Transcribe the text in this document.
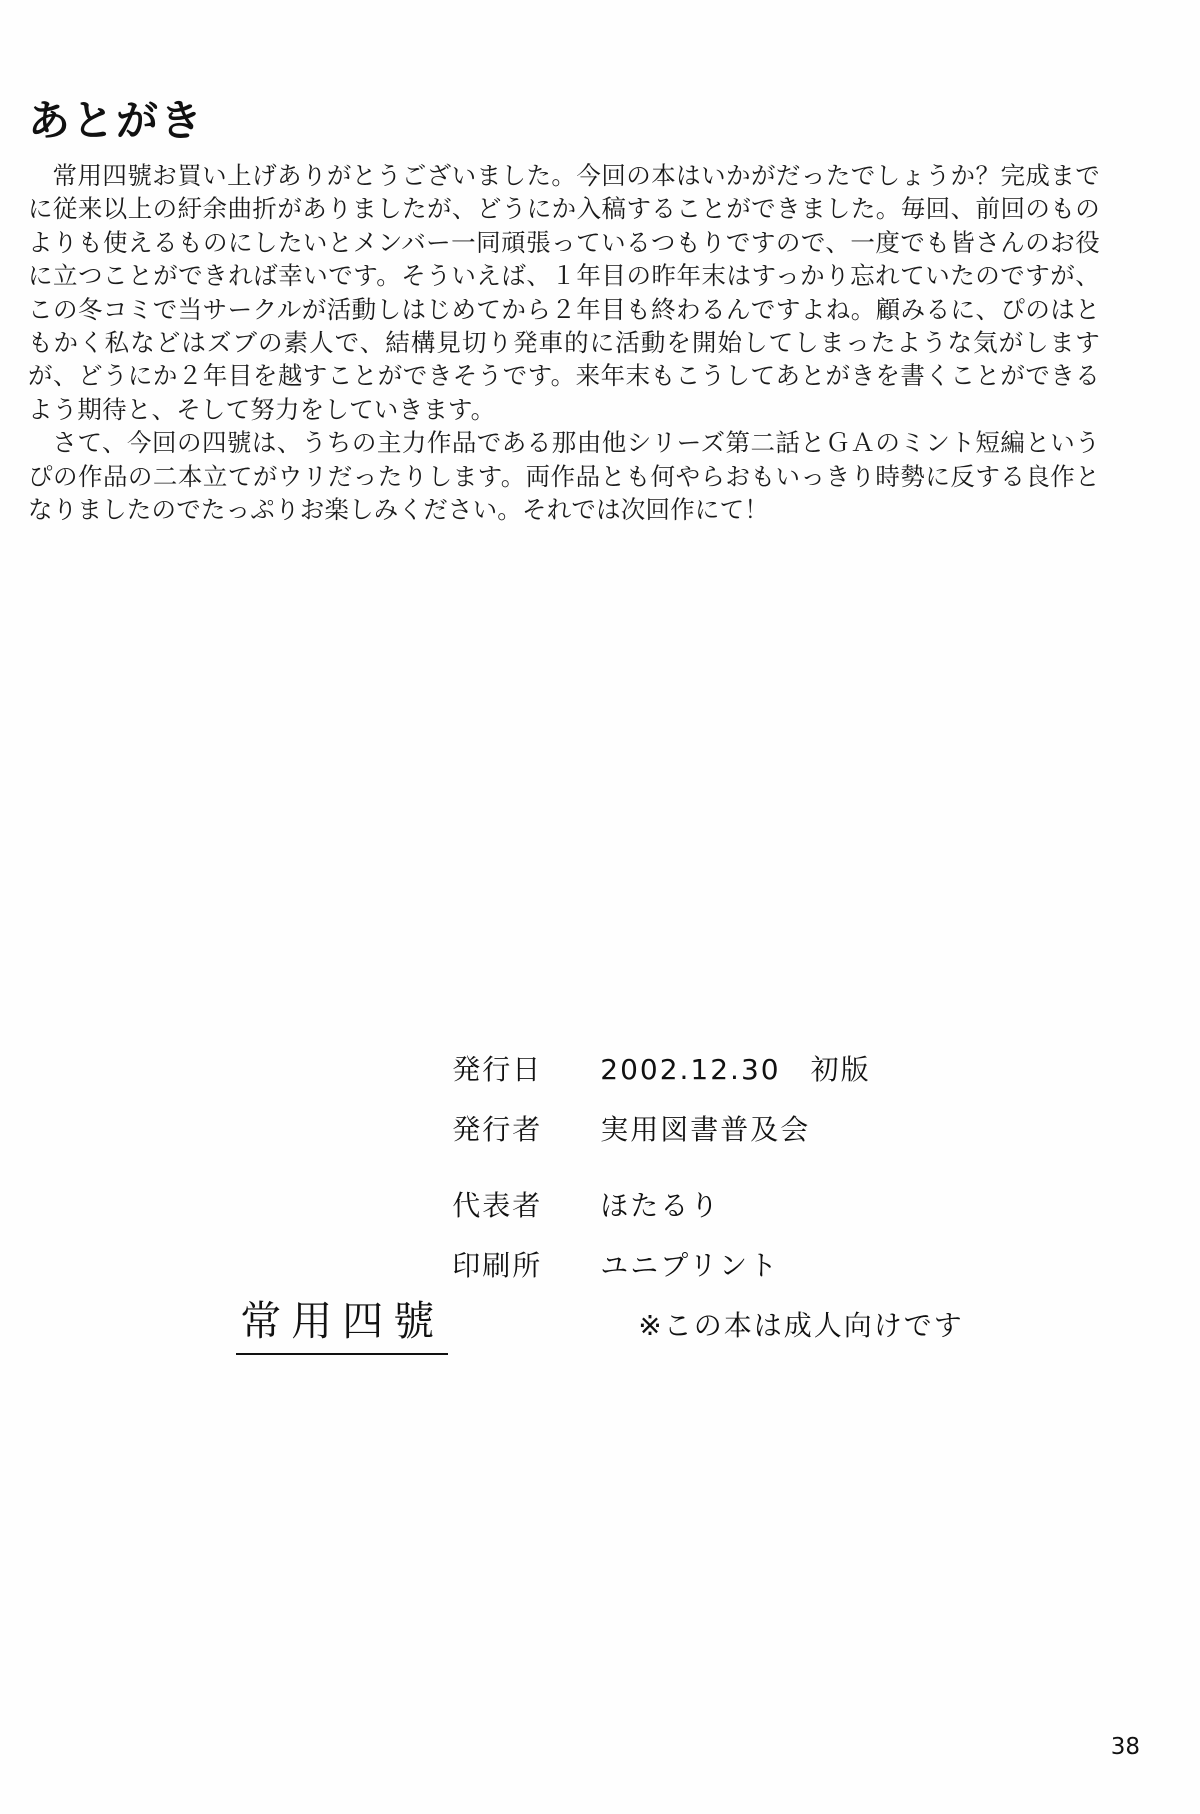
あとがき

常用四號お買い上げありがとうございました。今回の本はいかがだったでしょうか？完成までに従来以上の紆余曲折がありましたが、どうにか入稿することができました。毎回、前回のものよりも使えるものにしたいとメンバー一同頑張っているつもりですので、一度でも皆さんのお役に立つことができれば幸いです。そういえば、１年目の昨年末はすっかり忘れていたのですが、この冬コミで当サークルが活動しはじめてから２年目も終わるんですよね。顧みるに、ぴのはともかく私などはズブの素人で、結構見切り発車的に活動を開始してしまったような気がしますが、どうにか２年目を越すことができそうです。来年末もこうしてあとがきを書くことができるよう期待と、そして努力をしていきます。

さて、今回の四號は、うちの主力作品である那由他シリーズ第二話とＧＡのミント短編というぴの作品の二本立てがウリだったりします。両作品とも何やらおもいっきり時勢に反する良作となりましたのでたっぷりお楽しみください。それでは次回作にて！

常用四號
発行日	2002.12.30　初版
発行者	実用図書普及会
代表者	ほたるり
印刷所	ユニプリント
※この本は成人向けです
38
